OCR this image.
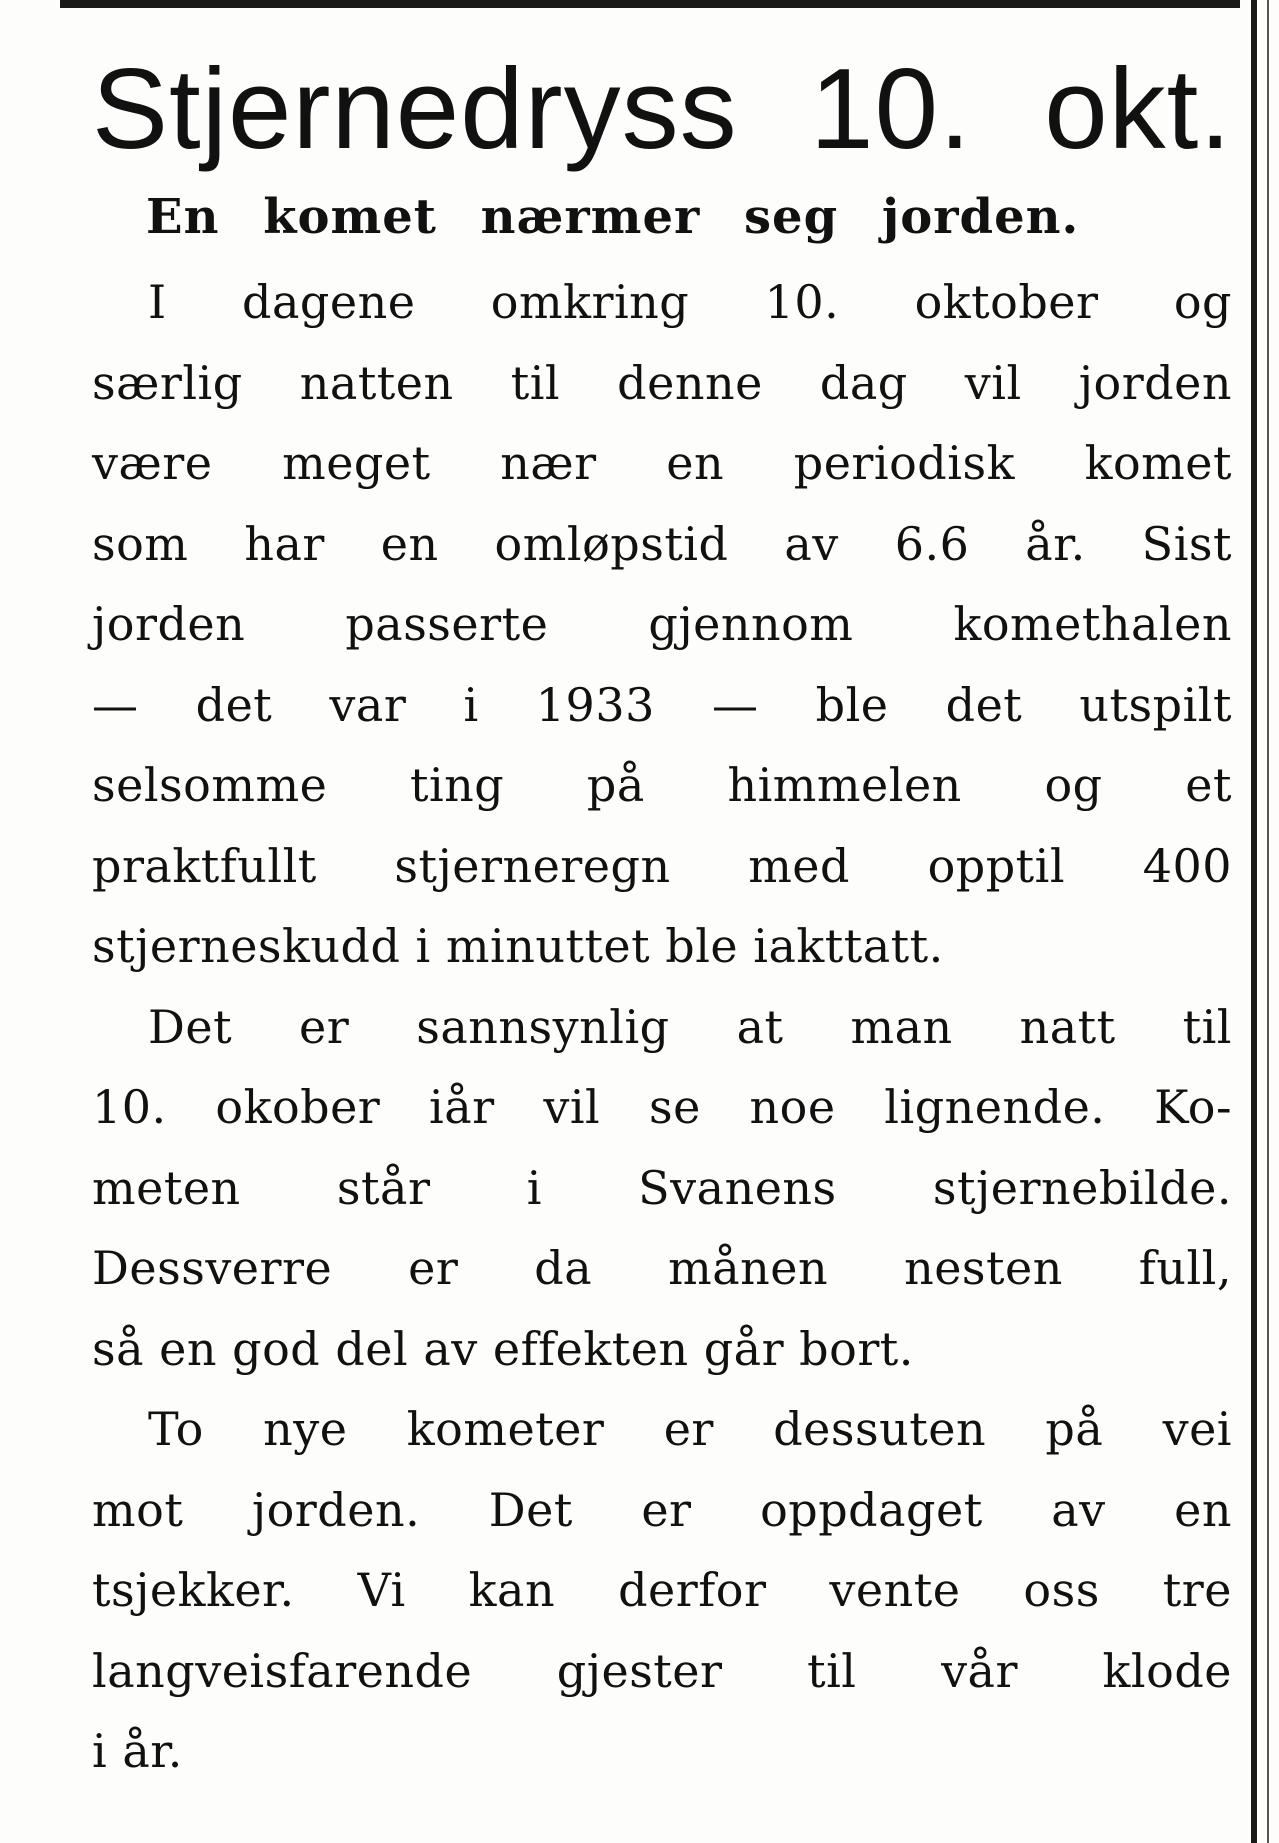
Stjernedryss 10. okt.
En komet nærmer seg jorden.

I dagene omkring 10. oktober og
særlig natten til denne dag vil jorden
være meget nær en periodisk komet
som har en omløpstid av 6.6 år. Sist
jorden passerte gjennom komethalen
— det var i 1933 — ble det utspilt
selsomme ting på himmelen og et
praktfullt stjerneregn med opptil 400
stjerneskudd i minuttet ble iakttatt.

Det er sannsynlig at man natt til
10. okober iår vil se noe lignende. Ko-
meten står i Svanens stjernebilde.
Dessverre er da månen nesten full,
så en god del av effekten går bort.

To nye kometer er dessuten på vei
mot jorden. Det er oppdaget av en
tsjekker. Vi kan derfor vente oss tre
langveisfarende gjester til vår klode
i år.
